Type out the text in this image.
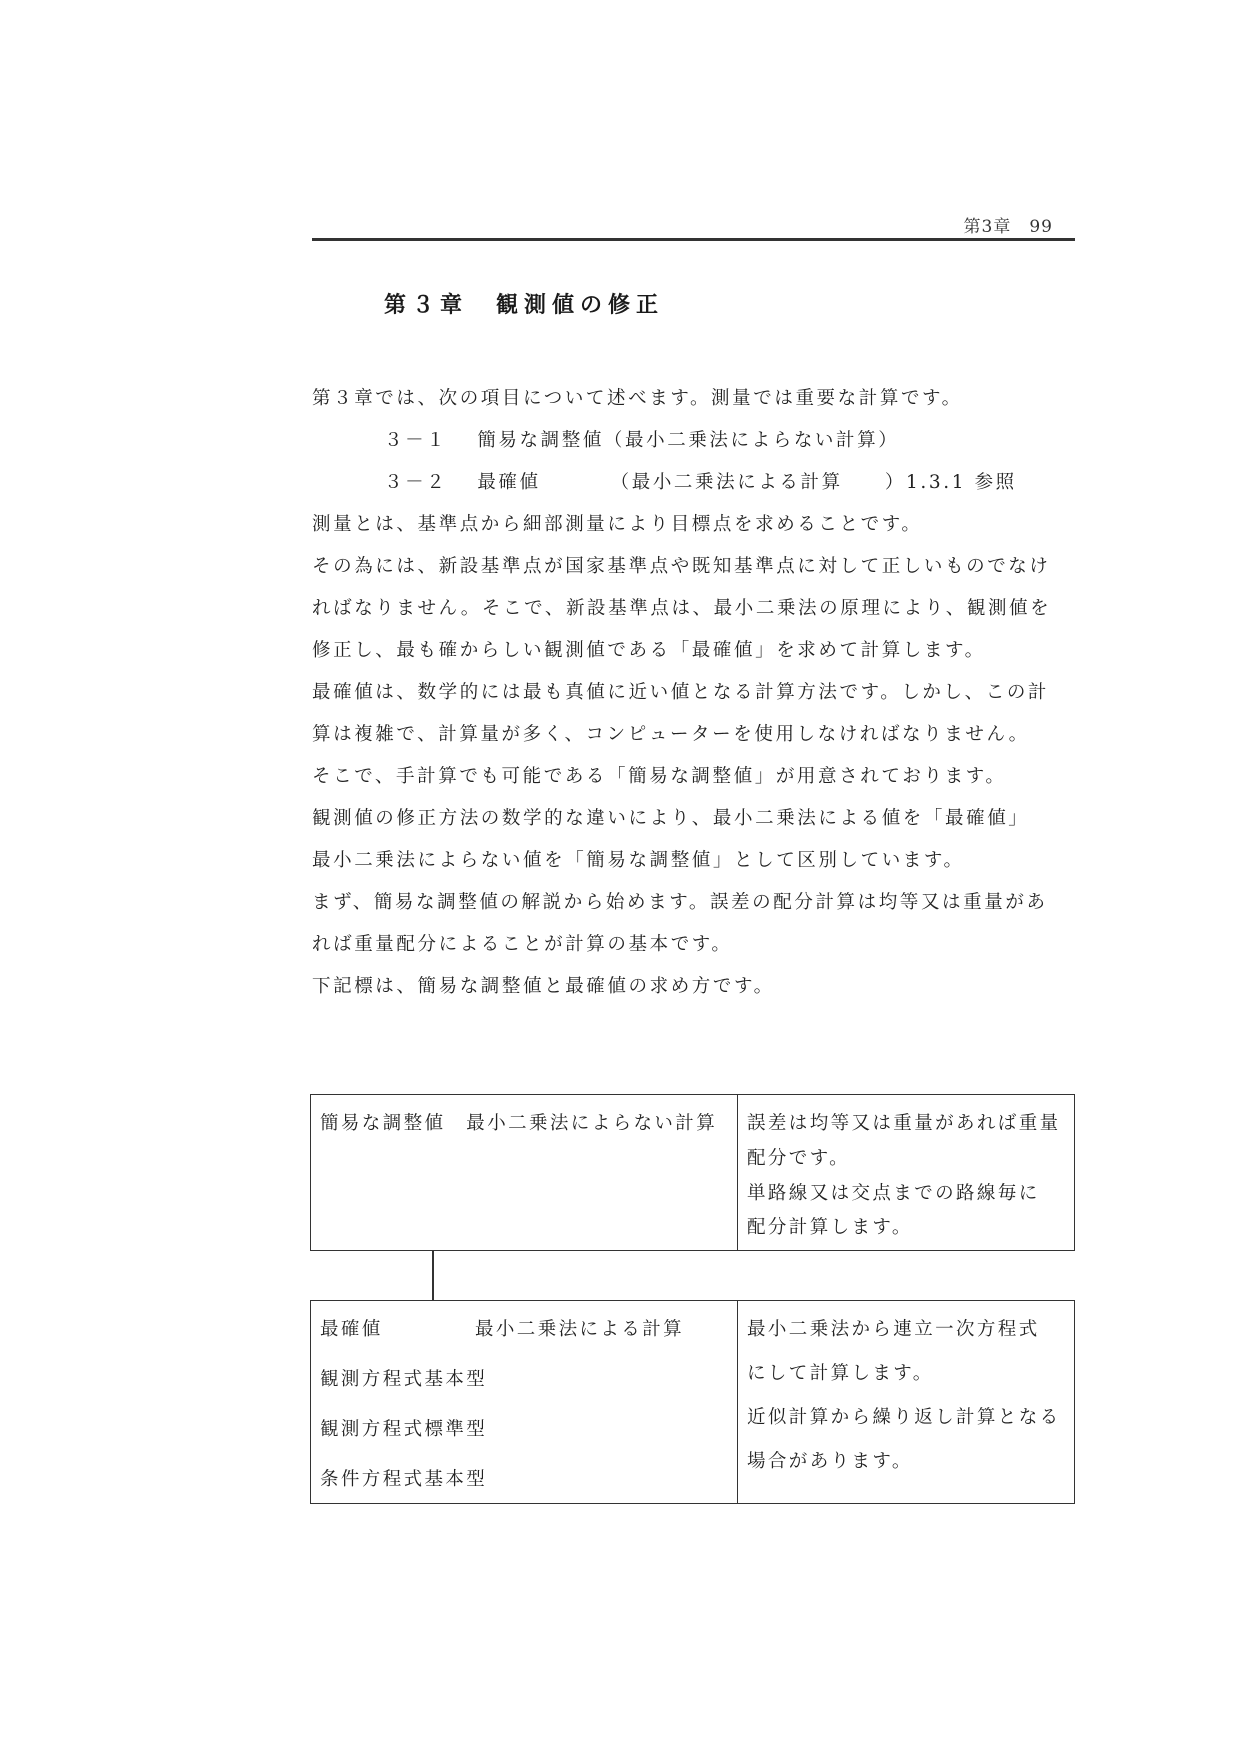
第3章　99
第３章　観測値の修正

第３章では、次の項目について述べます。測量では重要な計算です。

３－１ 簡易な調整値（最小二乗法によらない計算）

３－２ 最確値	（最小二乗法による計算　　）1.3.1 参照

測量とは、基準点から細部測量により目標点を求めることです。

その為には、新設基準点が国家基準点や既知基準点に対して正しいものでなけ

ればなりません。そこで、新設基準点は、最小二乗法の原理により、観測値を

修正し、最も確からしい観測値である「最確値」を求めて計算します。

最確値は、数学的には最も真値に近い値となる計算方法です。しかし、この計

算は複雑で、計算量が多く、コンピューターを使用しなければなりません。

そこで、手計算でも可能である「簡易な調整値」が用意されております。

観測値の修正方法の数学的な違いにより、最小二乗法による値を「最確値」

最小二乗法によらない値を「簡易な調整値」として区別しています。

まず、簡易な調整値の解説から始めます。誤差の配分計算は均等又は重量があ

れば重量配分によることが計算の基本です。

下記標は、簡易な調整値と最確値の求め方です。

簡易な調整値　最小二乗法によらない計算 誤差は均等又は重量があれば重量
配分です。
単路線又は交点までの路線毎に
配分計算します。
最確値	最小二乗法による計算
観測方程式基本型
観測方程式標準型
条件方程式基本型
最小二乗法から連立一次方程式
にして計算します。
近似計算から繰り返し計算となる
場合があります。
